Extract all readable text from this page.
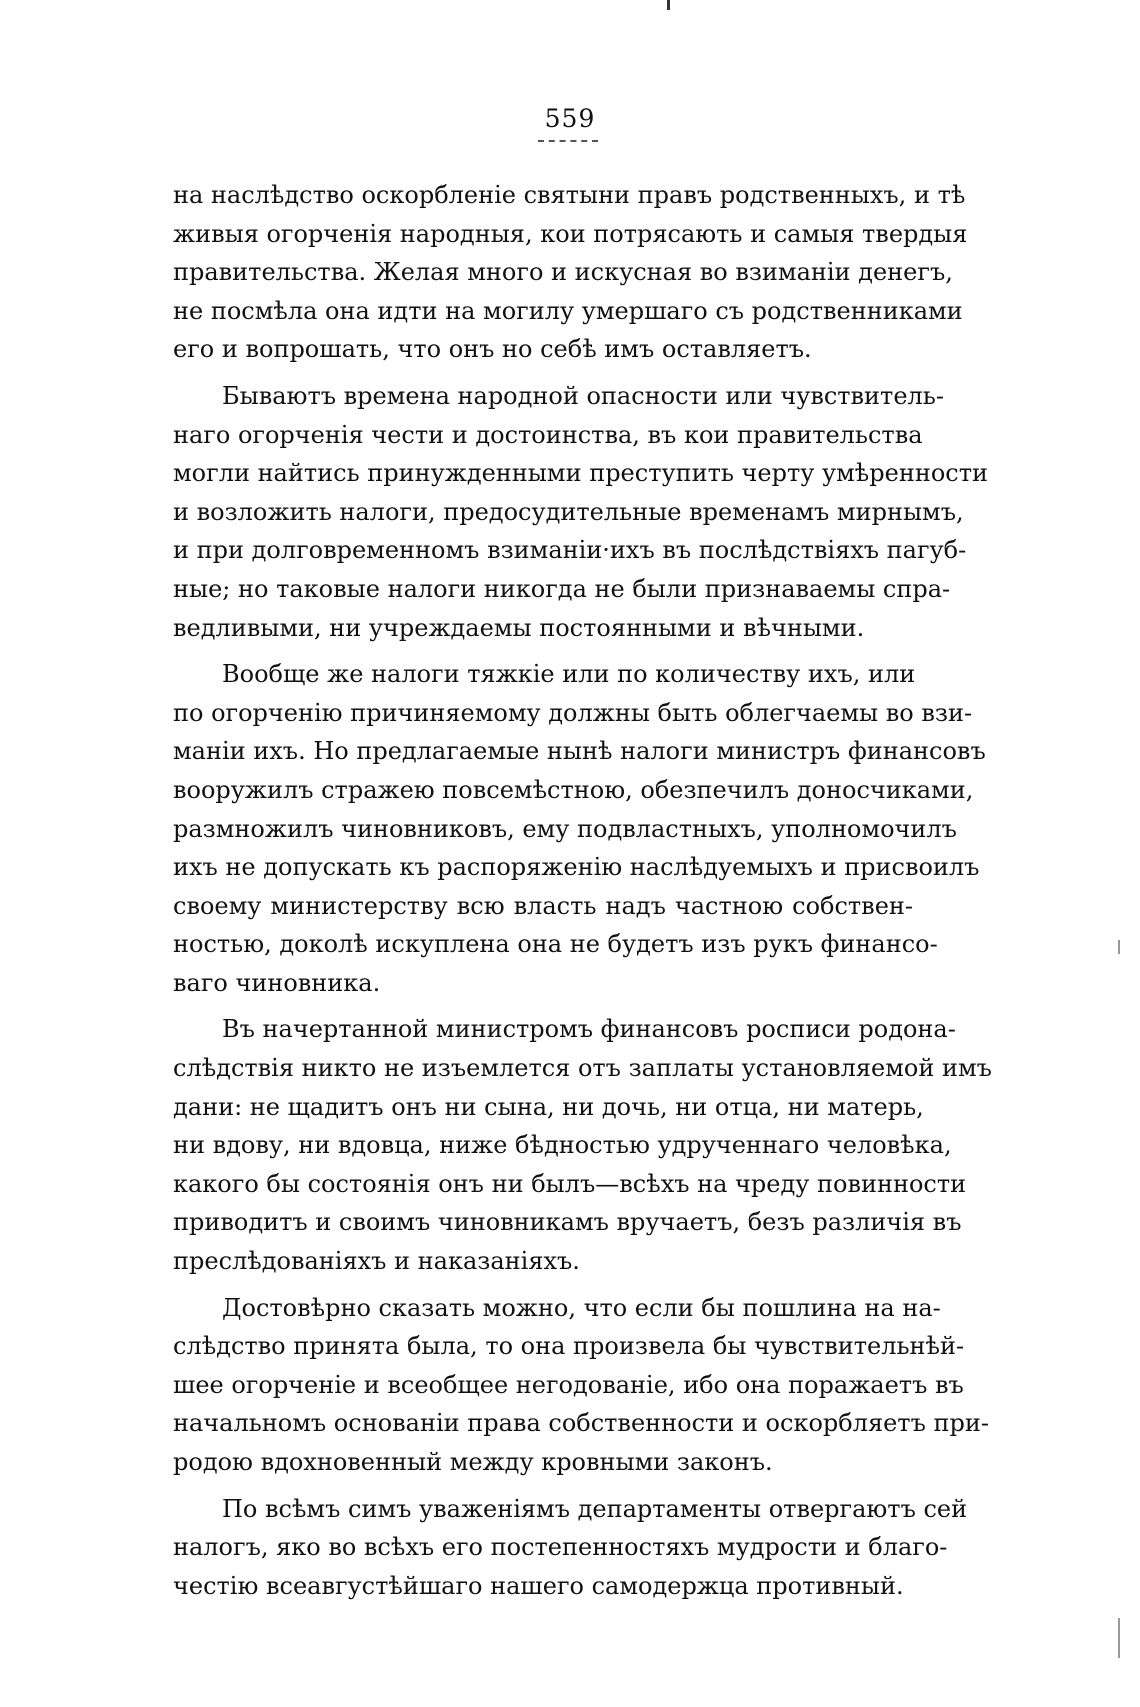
559
на наслѣдство оскорбленіе святыни правъ родственныхъ, и тѣ
живыя огорченія народныя, кои потрясають и самыя твердыя
правительства. Желая много и искусная во взиманіи денегъ,
не посмѣла она идти на могилу умершаго съ родственниками
его и вопрошать, что онъ но себѣ имъ оставляетъ.
Бываютъ времена народной опасности или чувствитель-
наго огорченія чести и достоинства, въ кои правительства
могли найтись принужденными преступить черту умѣренности
и возложить налоги, предосудительные временамъ мирнымъ,
и при долговременномъ взиманіи·ихъ въ послѣдствіяхъ пагуб-
ные; но таковые налоги никогда не были признаваемы спра-
ведливыми, ни учреждаемы постоянными и вѣчными.
Вообще же налоги тяжкіе или по количеству ихъ, или
по огорченію причиняемому должны быть облегчаемы во взи-
маніи ихъ. Но предлагаемые нынѣ налоги министръ финансовъ
вооружилъ стражею повсемѣстною, обезпечилъ доносчиками,
размножилъ чиновниковъ, ему подвластныхъ, уполномочилъ
ихъ не допускать къ распоряженію наслѣдуемыхъ и присвоилъ
своему министерству всю власть надъ частною собствен-
ностью, доколѣ искуплена она не будетъ изъ рукъ финансо-
ваго чиновника.
Въ начертанной министромъ финансовъ росписи родона-
слѣдствія никто не изъемлется отъ заплаты установляемой имъ
дани: не щадитъ онъ ни сына, ни дочь, ни отца, ни матерь,
ни вдову, ни вдовца, ниже бѣдностью удрученнаго человѣка,
какого бы состоянія онъ ни былъ—всѣхъ на чреду повинности
приводитъ и своимъ чиновникамъ вручаетъ, безъ различія въ
преслѣдованіяхъ и наказаніяхъ.
Достовѣрно сказать можно, что если бы пошлина на на-
слѣдство принята была, то она произвела бы чувствительнѣй-
шее огорченіе и всеобщее негодованіе, ибо она поражаетъ въ
начальномъ основаніи права собственности и оскорбляетъ при-
родою вдохновенный между кровными законъ.
По всѣмъ симъ уваженіямъ департаменты отвергаютъ сей
налогъ, яко во всѣхъ его постепенностяхъ мудрости и благо-
честію всеавгустѣйшаго нашего самодержца противный.
